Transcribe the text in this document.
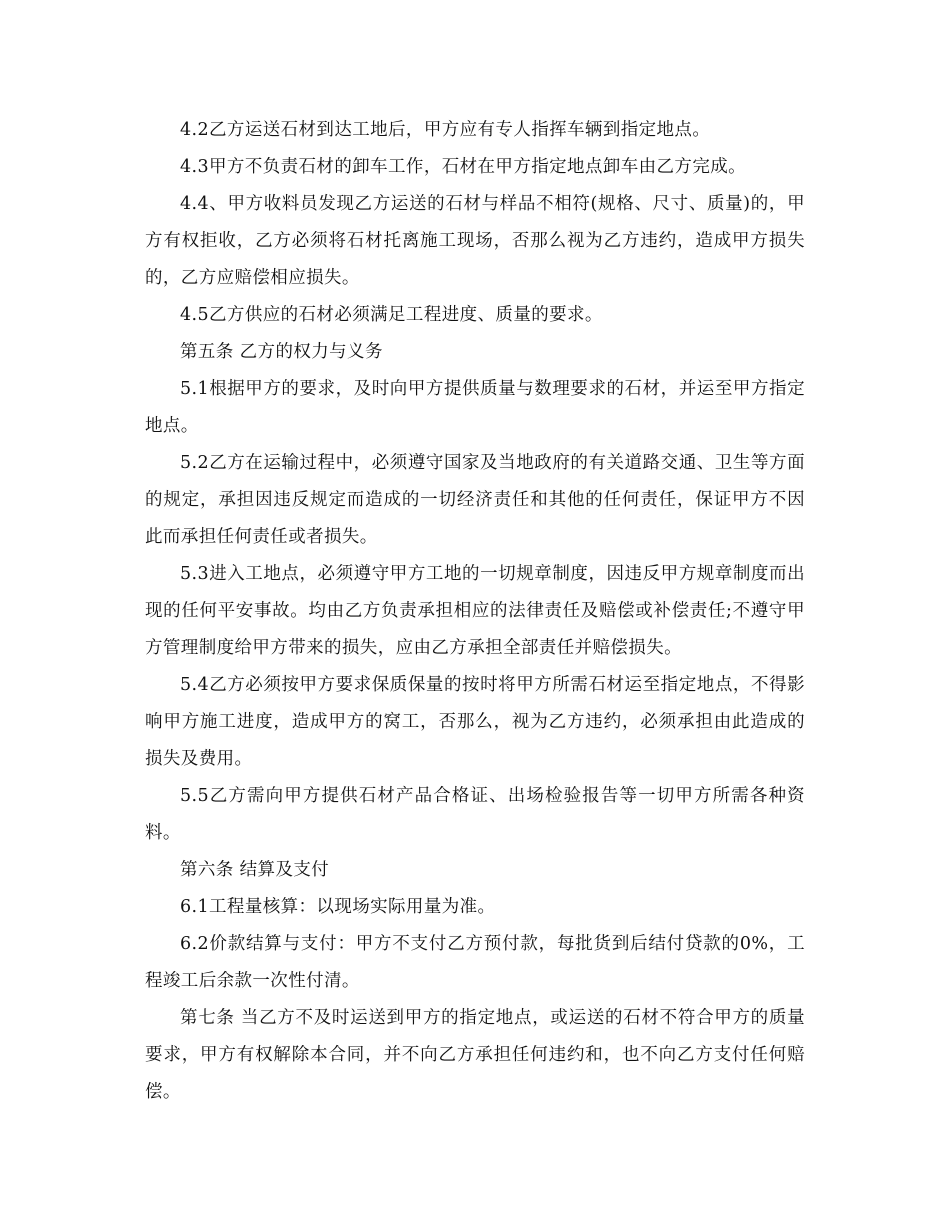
4.2乙方运送石材到达工地后，甲方应有专人指挥车辆到指定地点。

4.3甲方不负责石材的卸车工作，石材在甲方指定地点卸车由乙方完成。

4.4、甲方收料员发现乙方运送的石材与样品不相符(规格、尺寸、质量)的，甲方有权拒收，乙方必须将石材托离施工现场，否那么视为乙方违约，造成甲方损失的，乙方应赔偿相应损失。

4.5乙方供应的石材必须满足工程进度、质量的要求。

第五条 乙方的权力与义务

5.1根据甲方的要求，及时向甲方提供质量与数理要求的石材，并运至甲方指定地点。

5.2乙方在运输过程中，必须遵守国家及当地政府的有关道路交通、卫生等方面的规定，承担因违反规定而造成的一切经济责任和其他的任何责任，保证甲方不因此而承担任何责任或者损失。

5.3进入工地点，必须遵守甲方工地的一切规章制度，因违反甲方规章制度而出现的任何平安事故。均由乙方负责承担相应的法律责任及赔偿或补偿责任;不遵守甲方管理制度给甲方带来的损失，应由乙方承担全部责任并赔偿损失。

5.4乙方必须按甲方要求保质保量的按时将甲方所需石材运至指定地点，不得影响甲方施工进度，造成甲方的窝工，否那么，视为乙方违约，必须承担由此造成的损失及费用。

5.5乙方需向甲方提供石材产品合格证、出场检验报告等一切甲方所需各种资料。

第六条 结算及支付

6.1工程量核算：以现场实际用量为准。

6.2价款结算与支付：甲方不支付乙方预付款，每批货到后结付贷款的0%，工程竣工后余款一次性付清。

第七条 当乙方不及时运送到甲方的指定地点，或运送的石材不符合甲方的质量要求，甲方有权解除本合同，并不向乙方承担任何违约和，也不向乙方支付任何赔偿。
